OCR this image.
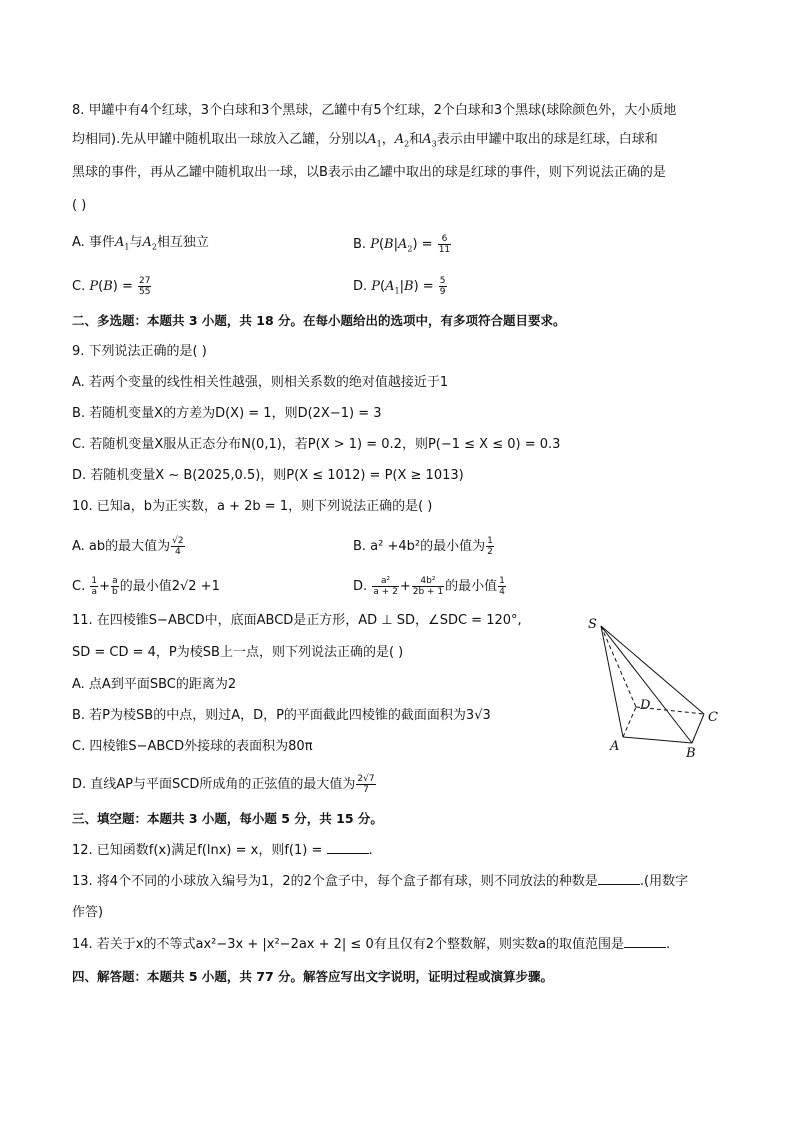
8. 甲罐中有4个红球，3个白球和3个黑球，乙罐中有5个红球，2个白球和3个黑球(球除颜色外，大小质地
均相同).先从甲罐中随机取出一球放入乙罐，分别以$A_1$，$A_2$和$A_3$表示由甲罐中取出的球是红球，白球和
黑球的事件，再从乙罐中随机取出一球，以B表示由乙罐中取出的球是红球的事件，则下列说法正确的是
( )
A. 事件$A_1$与$A_2$相互独立	B. $P(B|A_2) = \frac{6}{11}$
C. $P(B) = \frac{27}{55}$	D. $P(A_1|B) = \frac{5}{9}$
二、多选题：本题共 3 小题，共 18 分。在每小题给出的选项中，有多项符合题目要求。
9. 下列说法正确的是( )
A. 若两个变量的线性相关性越强，则相关系数的绝对值越接近于1
B. 若随机变量X的方差为D(X) = 1，则D(2X−1) = 3
C. 若随机变量X服从正态分布N(0,1)，若P(X > 1) = 0.2，则P(−1 ≤ X ≤ 0) = 0.3
D. 若随机变量X ~ B(2025,0.5)，则P(X ≤ 1012) = P(X ≥ 1013)
10. 已知a，b为正实数，a + 2b = 1，则下列说法正确的是( )
A. ab的最大值为 $\frac{√2}{4}$	B. a² +4b²的最小值为 $\frac{1}{2}$
C. $\frac{1}{a} + \frac{a}{b}$ 的最小值2√2 +1	D. $\frac{\text{a²}}{a + 2} + \frac{\text{4b²}}{2b + 1}$ 的最小值 $\frac{1}{4}$
11. 在四棱锥S−ABCD中，底面ABCD是正方形，AD ⊥ SD，∠SDC = 120°,
SD = CD = 4，P为棱SB上一点，则下列说法正确的是( )
A. 点A到平面SBC的距离为2
B. 若P为棱SB的中点，则过A，D，P的平面截此四棱锥的截面面积为3√3
C. 四棱锥S−ABCD外接球的表面积为80π
D. 直线AP与平面SCD所成角的正弦值的最大值为 $\frac{2√7}{7}$
S
D
C
A	B
三、填空题：本题共 3 小题，每小题 5 分，共 15 分。
12. 已知函数f(x)满足f(lnx) = x，则f(1) =	.
13. 将4个不同的小球放入编号为1，2的2个盒子中，每个盒子都有球，则不同放法的种数是	.(用数字
作答)
14. 若关于x的不等式ax²−3x + |x²−2ax + 2| ≤ 0有且仅有2个整数解，则实数a的取值范围是	.
四、解答题：本题共 5 小题，共 77 分。解答应写出文字说明，证明过程或演算步骤。
